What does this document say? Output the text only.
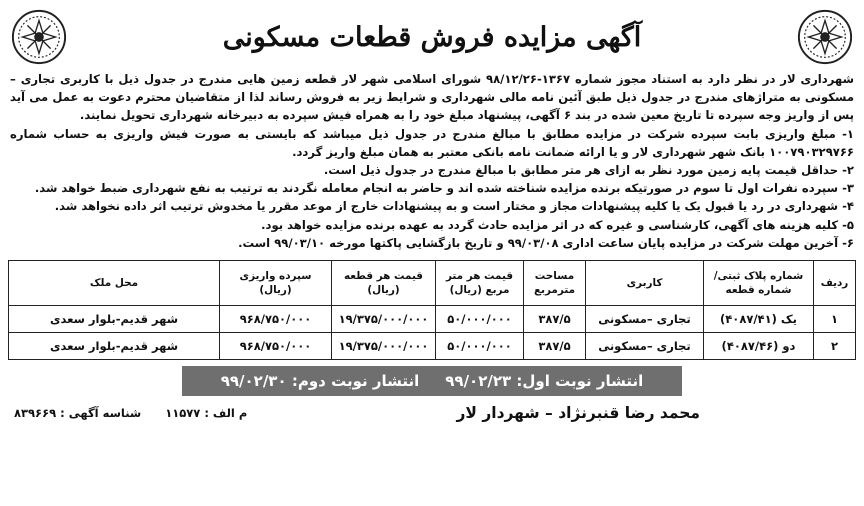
آگهی مزایده فروش قطعات مسکونی

شهرداری لار در نظر دارد به استناد مجوز شماره ۱۳۶۷-۹۸/۱۲/۲۶ شورای اسلامی شهر لار قطعه زمین هایی مندرج در جدول ذیل با کاربری تجاری – مسکونی به متراژهای مندرج در جدول ذیل طبق آئین نامه مالی شهرداری و شرایط زیر به فروش رساند لذا از متقاضیان محترم دعوت به عمل می آید پس از واریز وجه سپرده تا تاریخ معین شده در بند ۶ آگهی، پیشنهاد مبلغ خود را به همراه فیش سپرده به دبیرخانه شهرداری تحویل نمایند.

۱- مبلغ واریزی بابت سپرده شرکت در مزایده مطابق با مبالغ مندرج در جدول ذیل میباشد که بایستی به صورت فیش واریزی به حساب شماره ۱۰۰۷۹۰۳۲۹۷۶۶ بانک شهر شهرداری لار و یا ارائه ضمانت نامه بانکی معتبر به همان مبلغ واریز گردد.

۲- حداقل قیمت پایه زمین مورد نظر به ازای هر متر مطابق با مبالغ مندرج در جدول ذیل است.

۳- سپرده نفرات اول تا سوم در صورتیکه برنده مزایده شناخته شده اند و حاضر به انجام معامله نگردند به ترتیب به نفع شهرداری ضبط خواهد شد.

۴- شهرداری در رد یا قبول یک یا کلیه پیشنهادات مجاز و مختار است و به پیشنهادات خارج از موعد مقرر یا مخدوش ترتیب اثر داده نخواهد شد.

۵- کلیه هزینه های آگهی، کارشناسی و غیره که در اثر مزایده حادث گردد به عهده برنده مزایده خواهد بود.

۶- آخرین مهلت شرکت در مزایده پایان ساعت اداری ۹۹/۰۳/۰۸ و تاریخ بازگشایی پاکتها مورخه ۹۹/۰۳/۱۰ است.

ردیف	شماره پلاک ثبتی/ شماره قطعه	کاربری	مساحت مترمربع	قیمت هر متر مربع (ریال)	قیمت هر قطعه (ریال)	سپرده واریزی (ریال)	محل ملک
۱	یک (۴۰۸۷/۴۱)	تجاری –مسکونی	۳۸۷/۵	۵۰/۰۰۰/۰۰۰	۱۹/۳۷۵/۰۰۰/۰۰۰	۹۶۸/۷۵۰/۰۰۰	شهر قدیم-بلوار سعدی
۲	دو (۴۰۸۷/۴۶)	تجاری –مسکونی	۳۸۷/۵	۵۰/۰۰۰/۰۰۰	۱۹/۳۷۵/۰۰۰/۰۰۰	۹۶۸/۷۵۰/۰۰۰	شهر قدیم-بلوار سعدی
انتشار نوبت اول: ۹۹/۰۲/۲۳
انتشار نوبت دوم: ۹۹/۰۲/۳۰
محمد رضا قنبرنژاد – شهردار لار
م الف : ۱۱۵۷۷
شناسه آگهی : ۸۳۹۶۶۹
